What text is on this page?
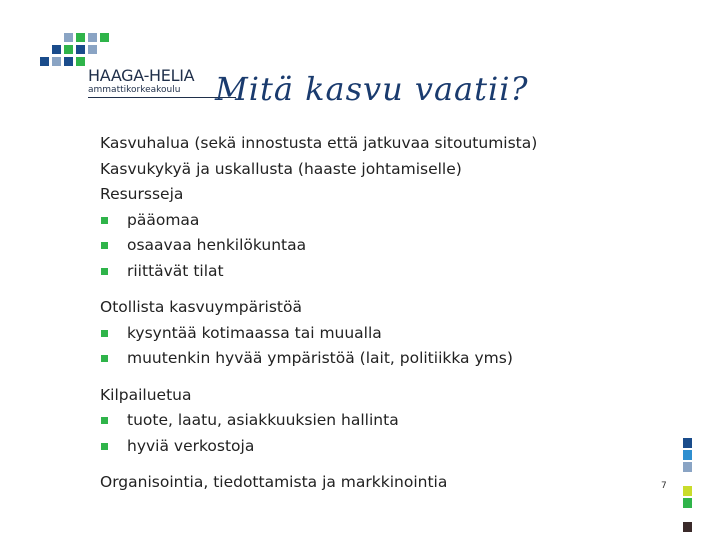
HAAGA-HELIA
ammattikorkeakoulu Mitä kasvu vaatii?
Kasvuhalua (sekä innostusta että jatkuvaa sitoutumista)
Kasvukykyä ja uskallusta (haaste johtamiselle)
Resursseja
pääomaa
osaavaa henkilökuntaa
riittävät tilat
Otollista kasvuympäristöä
kysyntää kotimaassa tai muualla
muutenkin hyvää ympäristöä (lait, politiikka yms)
Kilpailuetua
tuote, laatu, asiakkuuksien hallinta
hyviä verkostoja
Organisointia, tiedottamista ja markkinointia	7
